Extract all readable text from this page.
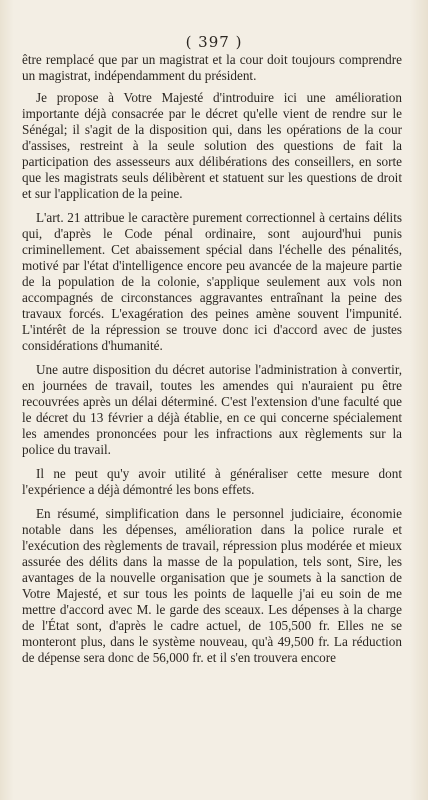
( 397 )

être remplacé que par un magistrat et la cour doit toujours comprendre un magistrat, indépendamment du président.

Je propose à Votre Majesté d'introduire ici une amélioration importante déjà consacrée par le décret qu'elle vient de rendre sur le Sénégal; il s'agit de la disposition qui, dans les opérations de la cour d'assises, restreint à la seule solution des questions de fait la participation des assesseurs aux délibérations des conseillers, en sorte que les magistrats seuls délibèrent et statuent sur les questions de droit et sur l'application de la peine.

L'art. 21 attribue le caractère purement correctionnel à certains délits qui, d'après le Code pénal ordinaire, sont aujourd'hui punis criminellement. Cet abaissement spécial dans l'échelle des pénalités, motivé par l'état d'intelligence encore peu avancée de la majeure partie de la population de la colonie, s'applique seulement aux vols non accompagnés de circonstances aggravantes entraînant la peine des travaux forcés. L'exagération des peines amène souvent l'impunité. L'intérêt de la répression se trouve donc ici d'accord avec de justes considérations d'humanité.

Une autre disposition du décret autorise l'administration à convertir, en journées de travail, toutes les amendes qui n'auraient pu être recouvrées après un délai déterminé. C'est l'extension d'une faculté que le décret du 13 février a déjà établie, en ce qui concerne spécialement les amendes prononcées pour les infractions aux règlements sur la police du travail.

Il ne peut qu'y avoir utilité à généraliser cette mesure dont l'expérience a déjà démontré les bons effets.

En résumé, simplification dans le personnel judiciaire, économie notable dans les dépenses, amélioration dans la police rurale et l'exécution des règlements de travail, répression plus modérée et mieux assurée des délits dans la masse de la population, tels sont, Sire, les avantages de la nouvelle organisation que je soumets à la sanction de Votre Majesté, et sur tous les points de laquelle j'ai eu soin de me mettre d'accord avec M. le garde des sceaux. Les dépenses à la charge de l'État sont, d'après le cadre actuel, de 105,500 fr. Elles ne se monteront plus, dans le système nouveau, qu'à 49,500 fr. La réduction de dépense sera donc de 56,000 fr. et il s'en trouvera encore
